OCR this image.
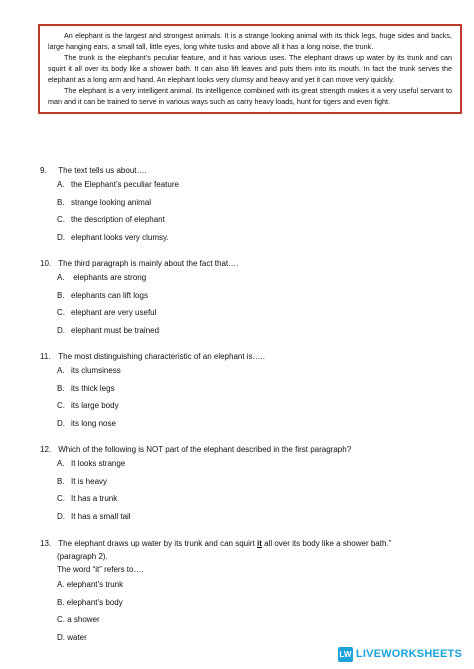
An elephant is the largest and strongest animals. It is a strange looking animal with its thick legs, huge sides and backs, large hanging ears, a small tall, little eyes, long white tusks and above all it has a long noise, the trunk.

The trunk is the elephant’s peculiar feature, and it has various uses. The elephant draws up water by its trunk and can squirt it all over its body like a shower bath. It can also lift leaves and puts them into its mouth. In fact the trunk serves the elephant as a long arm and hand. An elephant looks very clumsy and heavy and yet it can move very quickly.

The elephant is a very intelligent animal. Its intelligence combined with its great strength makes it a very useful servant to man and it can be trained to serve in various ways such as carry heavy loads, hunt for tigers and even fight.

9. The text tells us about….

A. the Elephant’s peculiar feature
B. strange looking animal
C. the description of elephant
D. elephant looks very clumsy.

10. The third paragraph is mainly about the fact that….

A. elephants are strong
B. elephants can lift logs
C. elephant are very useful
D. elephant must be trained

11. The most distinguishing characteristic of an elephant is…..

A. its clumsiness
B. its thick legs
C. its large body
D. its long nose

12. Which of the following is NOT part of the elephant described in the first paragraph?

A. It looks strange
B. It is heavy
C. It has a trunk
D. It has a small tail

13. The elephant draws up water by its trunk and can squirt it all over its body like a shower bath.”

(paragraph 2).

The word “it” refers to….

A. elephant’s trunk
B. elephant’s body
C. a shower
D. water
LW LIVEWORKSHEETS
